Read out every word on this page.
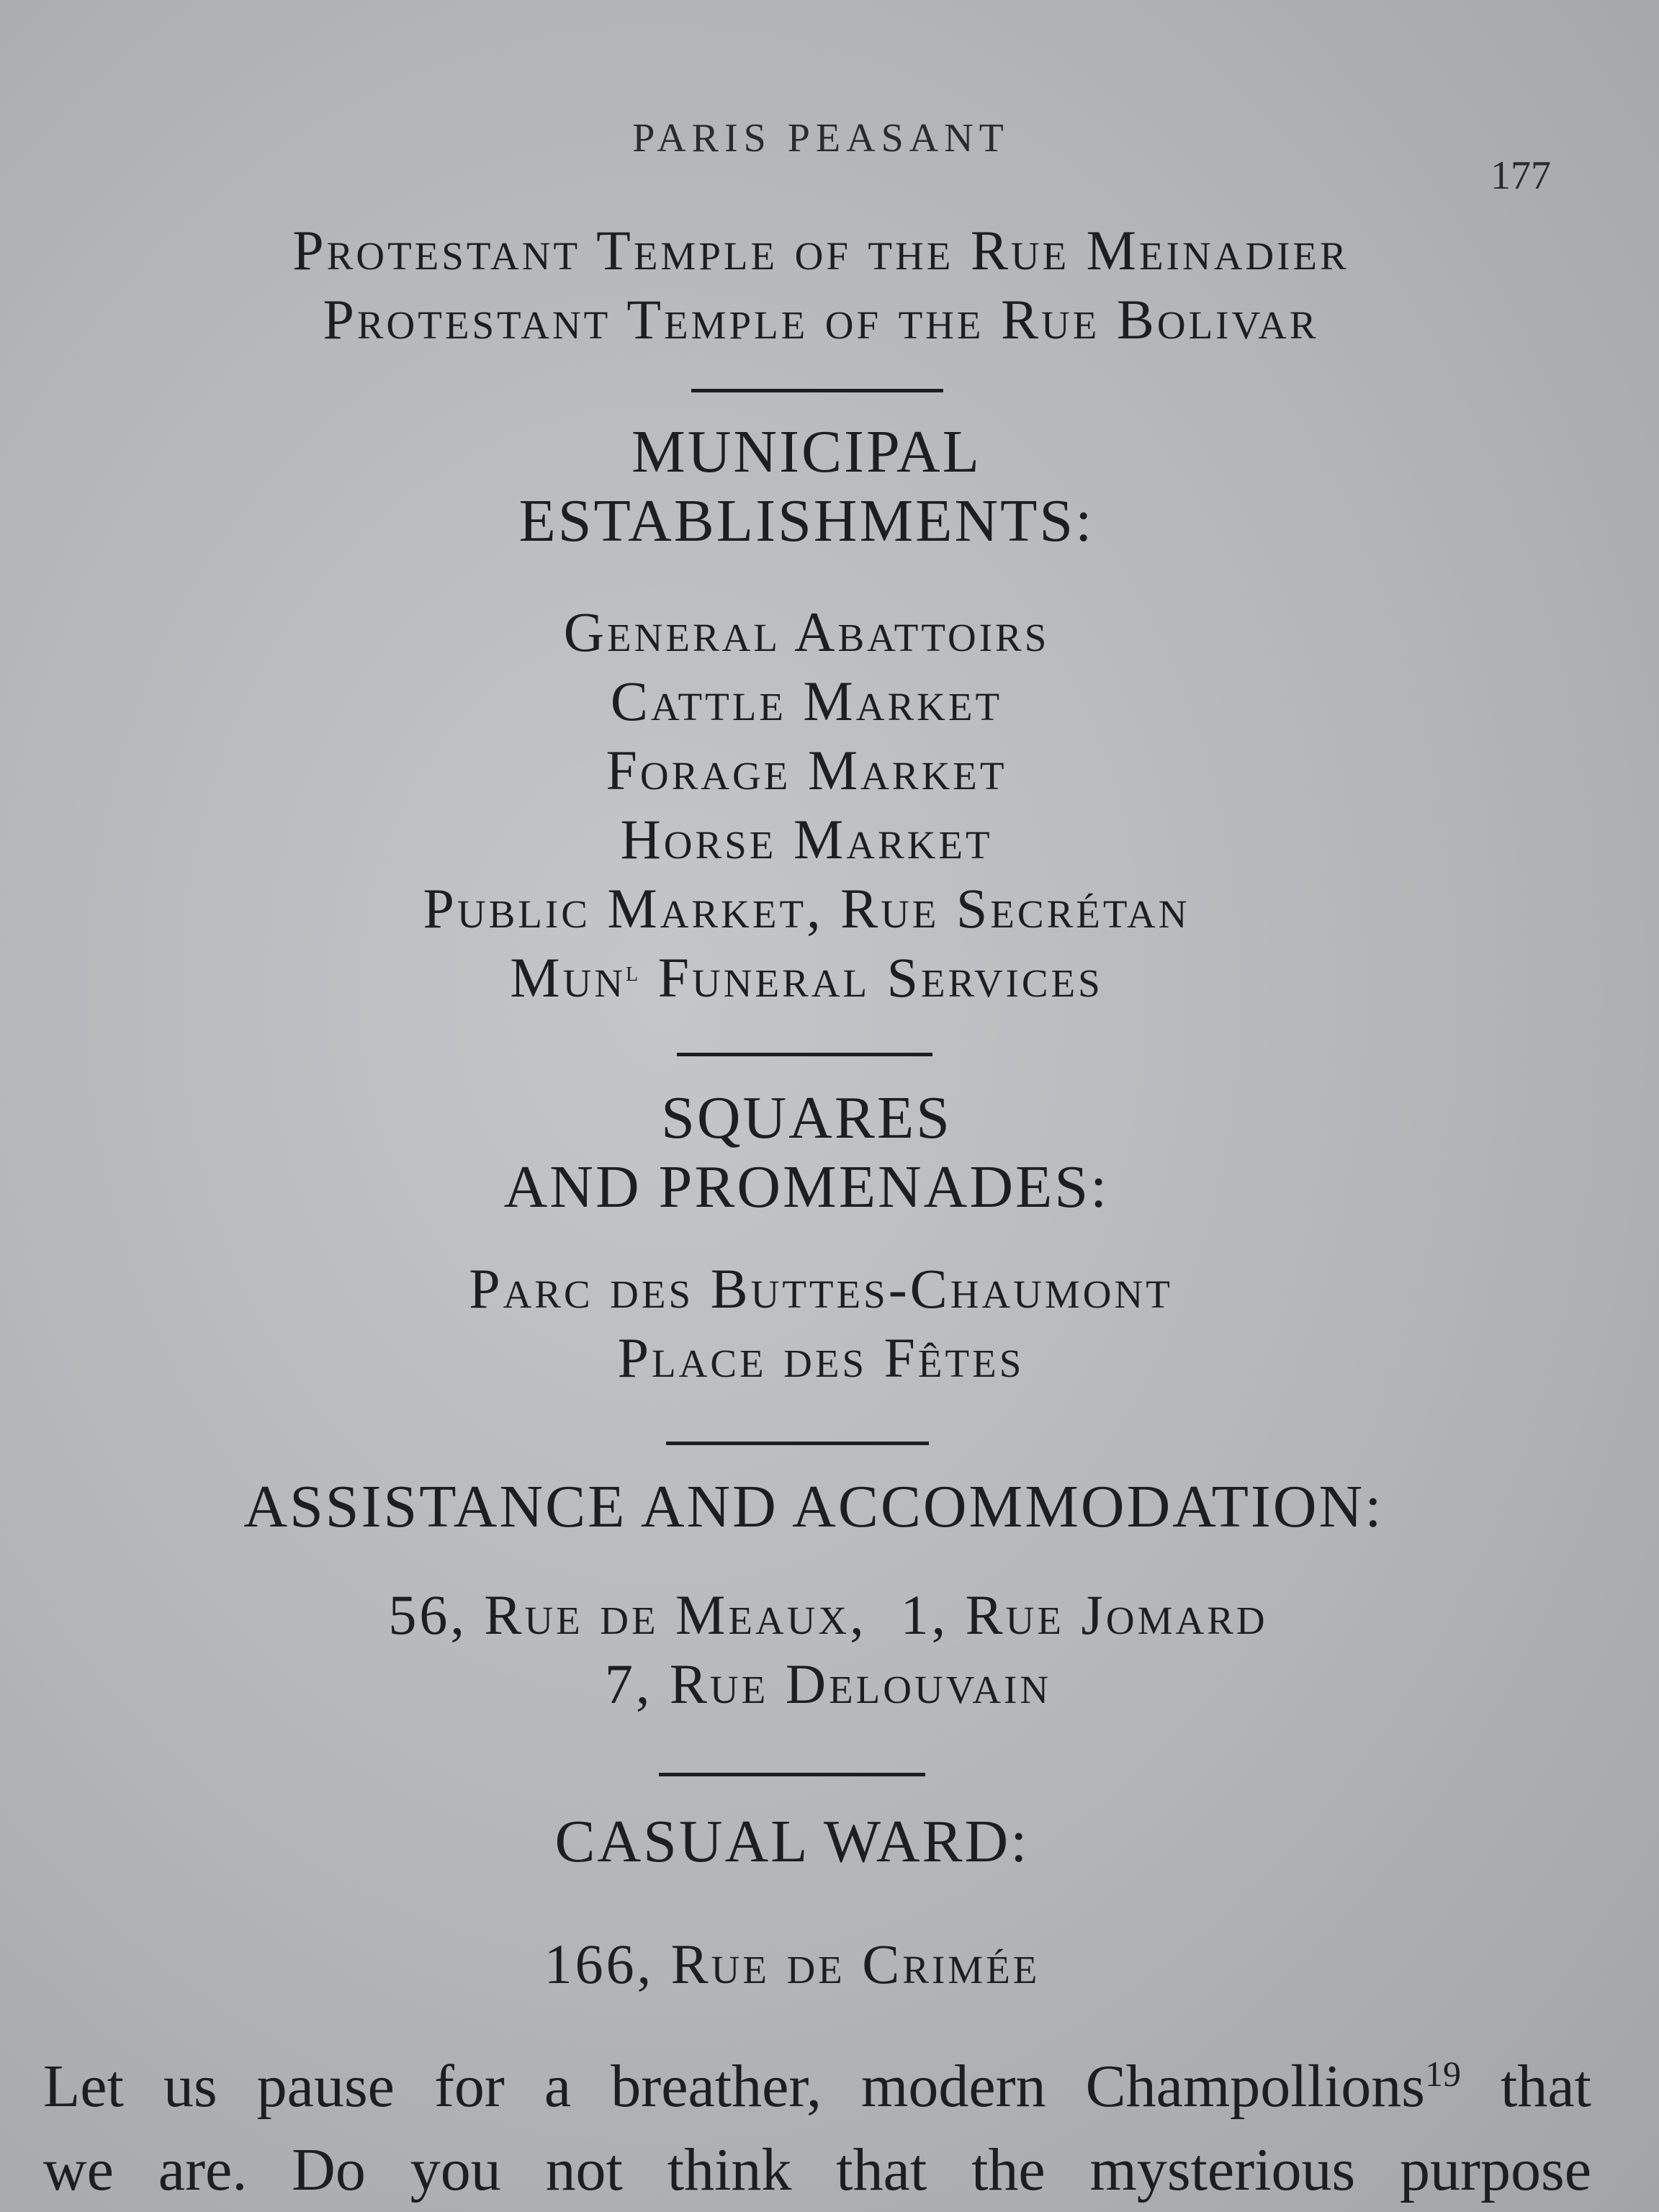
PARIS PEASANT
177

Protestant Temple of the Rue Meinadier

Protestant Temple of the Rue Bolivar

MUNICIPAL

ESTABLISHMENTS:

General Abattoirs

Cattle Market

Forage Market

Horse Market

Public Market, Rue Secrétan

Mun$^l$ Funeral Services

SQUARES

AND PROMENADES:

Parc des Buttes-Chaumont

Place des Fêtes

ASSISTANCE AND ACCOMMODATION:

56, Rue de Meaux,  1, Rue Jomard

7, Rue Delouvain

CASUAL WARD:

166, Rue de Crimée

Let us pause for a breather, modern Champollions$^{19}$ that
we are. Do you not think that the mysterious purpose
